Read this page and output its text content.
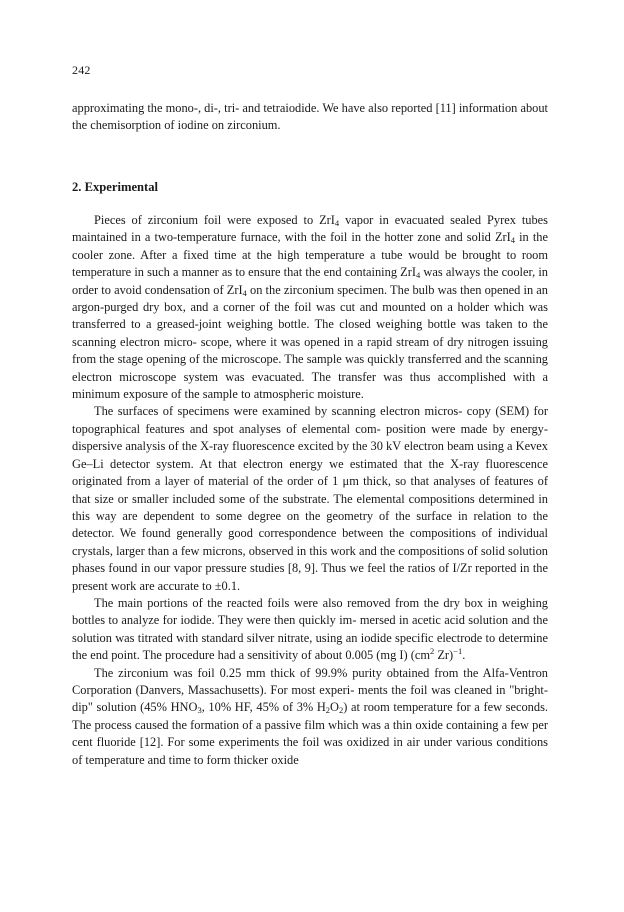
242

approximating the mono-, di-, tri- and tetraiodide. We have also reported [11] information about the chemisorption of iodine on zirconium.

2. Experimental

Pieces of zirconium foil were exposed to ZrI$_4$ vapor in evacuated sealed Pyrex tubes maintained in a two-temperature furnace, with the foil in the hotter zone and solid ZrI$_4$ in the cooler zone. After a fixed time at the high temperature a tube would be brought to room temperature in such a manner as to ensure that the end containing ZrI$_4$ was always the cooler, in order to avoid condensation of ZrI$_4$ on the zirconium specimen. The bulb was then opened in an argon-purged dry box, and a corner of the foil was cut and mounted on a holder which was transferred to a greased-joint weighing bottle. The closed weighing bottle was taken to the scanning electron micro- scope, where it was opened in a rapid stream of dry nitrogen issuing from the stage opening of the microscope. The sample was quickly transferred and the scanning electron microscope system was evacuated. The transfer was thus accomplished with a minimum exposure of the sample to atmospheric moisture.

The surfaces of specimens were examined by scanning electron micros- copy (SEM) for topographical features and spot analyses of elemental com- position were made by energy-dispersive analysis of the X-ray fluorescence excited by the 30 kV electron beam using a Kevex Ge–Li detector system. At that electron energy we estimated that the X-ray fluorescence originated from a layer of material of the order of 1 μm thick, so that analyses of features of that size or smaller included some of the substrate. The elemental compositions determined in this way are dependent to some degree on the geometry of the surface in relation to the detector. We found generally good correspondence between the compositions of individual crystals, larger than a few microns, observed in this work and the compositions of solid solution phases found in our vapor pressure studies [8, 9]. Thus we feel the ratios of I/Zr reported in the present work are accurate to ±0.1.

The main portions of the reacted foils were also removed from the dry box in weighing bottles to analyze for iodide. They were then quickly im- mersed in acetic acid solution and the solution was titrated with standard silver nitrate, using an iodide specific electrode to determine the end point. The procedure had a sensitivity of about 0.005 (mg I) ($cm^2$ Zr)$^{-1}$.

The zirconium was foil 0.25 mm thick of 99.9% purity obtained from the Alfa-Ventron Corporation (Danvers, Massachusetts). For most experi- ments the foil was cleaned in "bright-dip" solution (45% $HNO_3$, 10% HF, 45% of 3% $H_2O_2$) at room temperature for a few seconds. The process caused the formation of a passive film which was a thin oxide containing a few per cent fluoride [12]. For some experiments the foil was oxidized in air under various conditions of temperature and time to form thicker oxide
